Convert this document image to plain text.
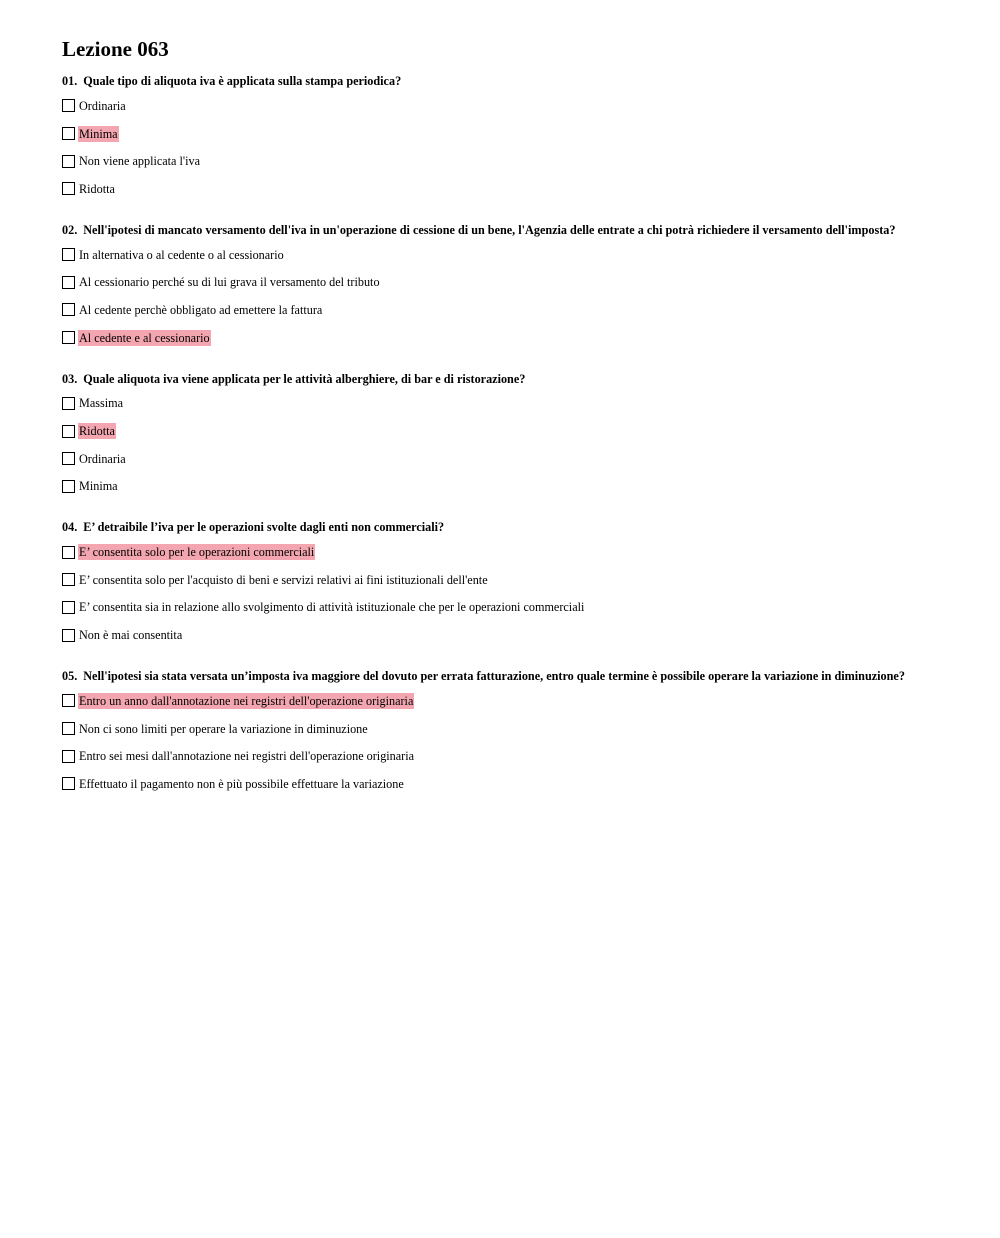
Lezione 063

01. Quale tipo di aliquota iva è applicata sulla stampa periodica?

Ordinaria
Minima
Non viene applicata l'iva
Ridotta

02. Nell'ipotesi di mancato versamento dell'iva in un'operazione di cessione di un bene, l'Agenzia delle entrate a chi potrà richiedere il versamento dell'imposta?

In alternativa o al cedente o al cessionario
Al cessionario perché su di lui grava il versamento del tributo
Al cedente perchè obbligato ad emettere la fattura
Al cedente e al cessionario

03. Quale aliquota iva viene applicata per le attività alberghiere, di bar e di ristorazione?

Massima
Ridotta
Ordinaria
Minima

04. E’ detraibile l’iva per le operazioni svolte dagli enti non commerciali?

E’ consentita solo per le operazioni commerciali
E’ consentita solo per l'acquisto di beni e servizi relativi ai fini istituzionali dell'ente
E’ consentita sia in relazione allo svolgimento di attività istituzionale che per le operazioni commerciali
Non è mai consentita

05. Nell'ipotesi sia stata versata un’imposta iva maggiore del dovuto per errata fatturazione, entro quale termine è possibile operare la variazione in diminuzione?

Entro un anno dall'annotazione nei registri dell'operazione originaria
Non ci sono limiti per operare la variazione in diminuzione
Entro sei mesi dall'annotazione nei registri dell'operazione originaria
Effettuato il pagamento non è più possibile effettuare la variazione
